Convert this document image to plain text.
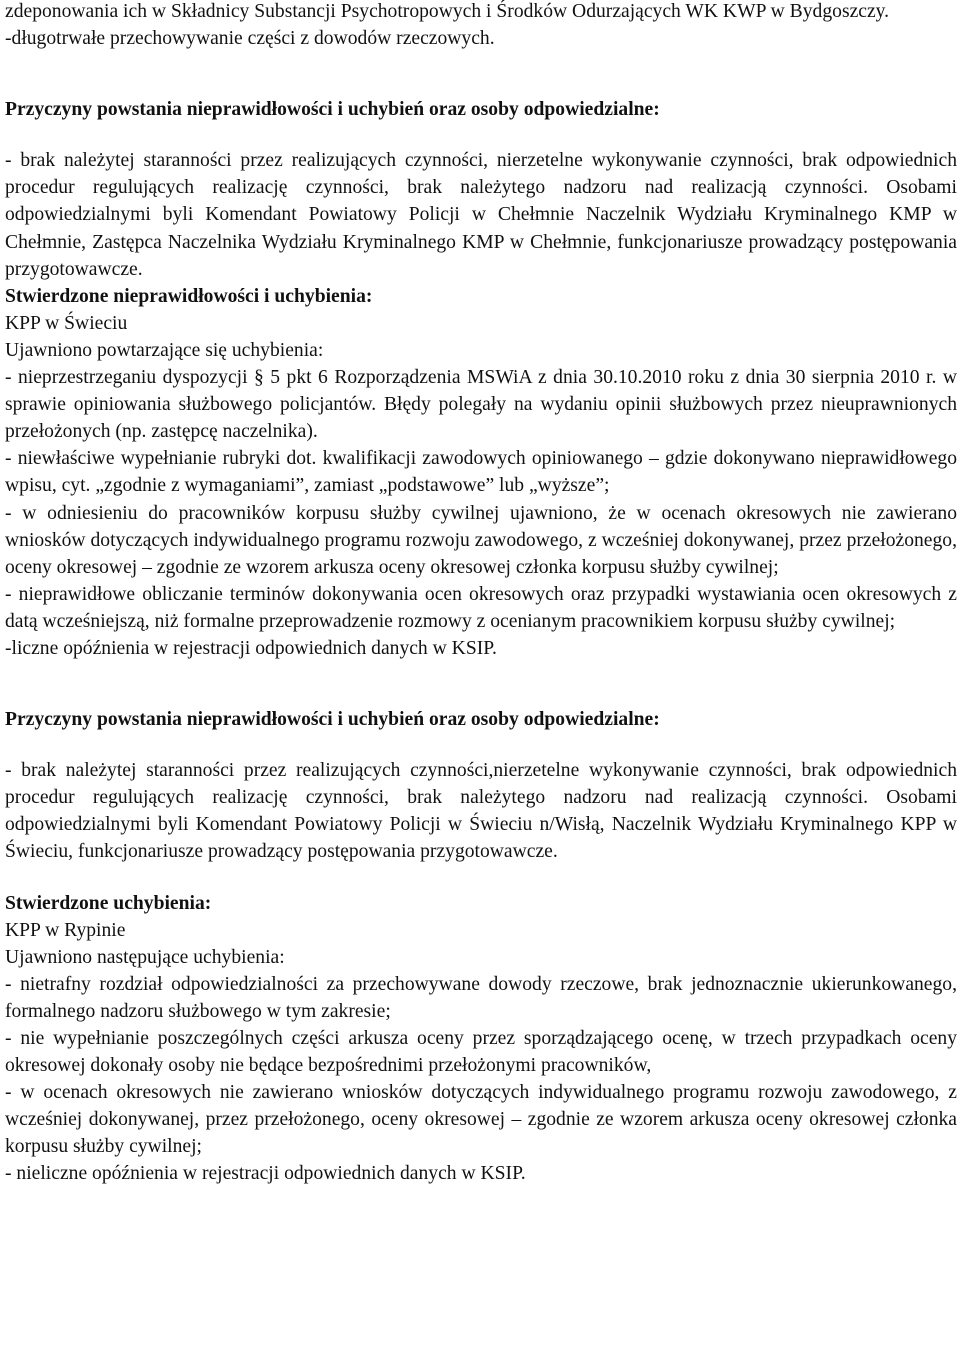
zdeponowania ich w Składnicy Substancji Psychotropowych i Środków Odurzających WK KWP w Bydgoszczy.

-długotrwałe przechowywanie części z dowodów rzeczowych.

Przyczyny powstania nieprawidłowości i uchybień oraz osoby odpowiedzialne:

- brak należytej staranności przez realizujących czynności, nierzetelne wykonywanie czynności, brak odpowiednich procedur regulujących realizację czynności, brak należytego nadzoru nad realizacją czynności. Osobami odpowiedzialnymi byli Komendant Powiatowy Policji w Chełmnie Naczelnik Wydziału Kryminalnego KMP w Chełmnie, Zastępca Naczelnika Wydziału Kryminalnego KMP w Chełmnie, funkcjonariusze prowadzący postępowania przygotowawcze.

Stwierdzone nieprawidłowości i uchybienia:

KPP w Świeciu

Ujawniono powtarzające się uchybienia:

- nieprzestrzeganiu dyspozycji § 5 pkt 6 Rozporządzenia MSWiA z dnia 30.10.2010 roku z dnia 30 sierpnia 2010 r. w sprawie opiniowania służbowego policjantów. Błędy polegały na wydaniu opinii służbowych przez nieuprawnionych przełożonych (np. zastępcę naczelnika).

- niewłaściwe wypełnianie rubryki dot. kwalifikacji zawodowych opiniowanego – gdzie dokonywano nieprawidłowego wpisu, cyt. „zgodnie z wymaganiami”, zamiast „podstawowe” lub „wyższe”;

- w odniesieniu do pracowników korpusu służby cywilnej ujawniono, że w ocenach okresowych nie zawierano wniosków dotyczących indywidualnego programu rozwoju zawodowego, z wcześniej dokonywanej, przez przełożonego, oceny okresowej – zgodnie ze wzorem arkusza oceny okresowej członka korpusu służby cywilnej;

- nieprawidłowe obliczanie terminów dokonywania ocen okresowych oraz przypadki wystawiania ocen okresowych z datą wcześniejszą, niż formalne przeprowadzenie rozmowy z ocenianym pracownikiem korpusu służby cywilnej;

-liczne opóźnienia w rejestracji odpowiednich danych w KSIP.

Przyczyny powstania nieprawidłowości i uchybień oraz osoby odpowiedzialne:

- brak należytej staranności przez realizujących czynności,nierzetelne wykonywanie czynności, brak odpowiednich procedur regulujących realizację czynności, brak należytego nadzoru nad realizacją czynności. Osobami odpowiedzialnymi byli Komendant Powiatowy Policji w Świeciu n/Wisłą, Naczelnik Wydziału Kryminalnego KPP w Świeciu, funkcjonariusze prowadzący postępowania przygotowawcze.

Stwierdzone uchybienia:

KPP w Rypinie

Ujawniono następujące uchybienia:

- nietrafny rozdział odpowiedzialności za przechowywane dowody rzeczowe, brak jednoznacznie ukierunkowanego, formalnego nadzoru służbowego w tym zakresie;

- nie wypełnianie poszczególnych części arkusza oceny przez sporządzającego ocenę, w trzech przypadkach oceny okresowej dokonały osoby nie będące bezpośrednimi przełożonymi pracowników,

- w ocenach okresowych nie zawierano wniosków dotyczących indywidualnego programu rozwoju zawodowego, z wcześniej dokonywanej, przez przełożonego, oceny okresowej – zgodnie ze wzorem arkusza oceny okresowej członka korpusu służby cywilnej;

- nieliczne opóźnienia w rejestracji odpowiednich danych w KSIP.
